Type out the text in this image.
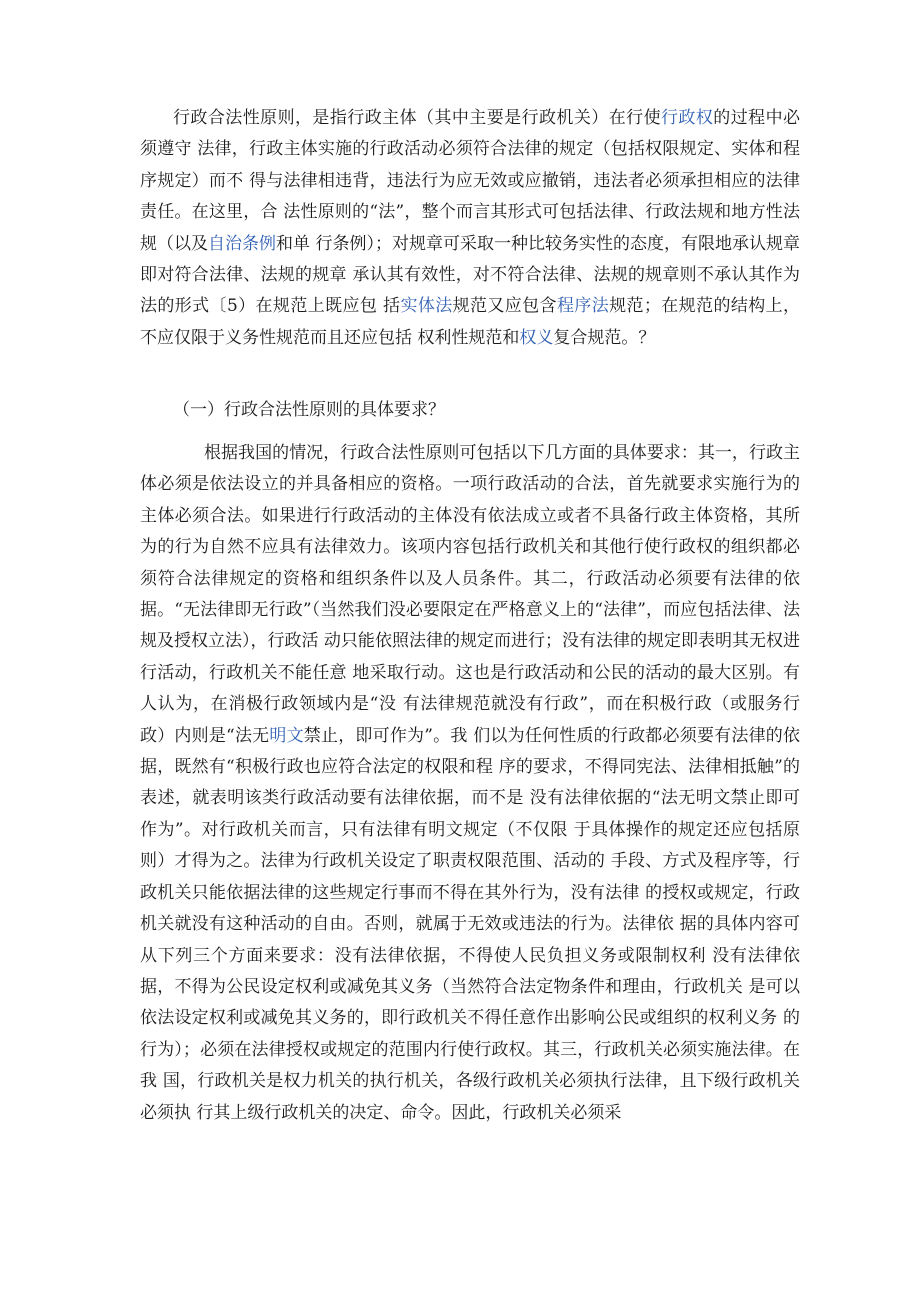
行政合法性原则，是指行政主体（其中主要是行政机关）在行使行政权的过程中必须遵守 法律，行政主体实施的行政活动必须符合法律的规定（包括权限规定、实体和程序规定）而不 得与法律相违背，违法行为应无效或应撤销，违法者必须承担相应的法律责任。在这里，合 法性原则的“法”，整个而言其形式可包括法律、行政法规和地方性法规（以及自治条例和单 行条例）；对规章可采取一种比较务实性的态度，有限地承认规章即对符合法律、法规的规章 承认其有效性，对不符合法律、法规的规章则不承认其作为法的形式〔5）在规范上既应包 括实体法规范又应包含程序法规范；在规范的结构上，不应仅限于义务性规范而且还应包括 权利性规范和权义复合规范。？

（一）行政合法性原则的具体要求？

根据我国的情况，行政合法性原则可包括以下几方面的具体要求：其一，行政主体必须是依法设立的并具备相应的资格。一项行政活动的合法，首先就要求实施行为的主体必须合法。如果进行行政活动的主体没有依法成立或者不具备行政主体资格，其所为的行为自然不应具有法律效力。该项内容包括行政机关和其他行使行政权的组织都必须符合法律规定的资格和组织条件以及人员条件。其二，行政活动必须要有法律的依据。“无法律即无行政”（当然我们没必要限定在严格意义上的“法律”，而应包括法律、法规及授权立法），行政活 动只能依照法律的规定而进行；没有法律的规定即表明其无权进行活动，行政机关不能任意 地采取行动。这也是行政活动和公民的活动的最大区别。有人认为，在消极行政领域内是“没 有法律规范就没有行政”，而在积极行政（或服务行政）内则是“法无明文禁止，即可作为”。我 们以为任何性质的行政都必须要有法律的依据，既然有“积极行政也应符合法定的权限和程 序的要求，不得同宪法、法律相抵触”的表述，就表明该类行政活动要有法律依据，而不是 没有法律依据的“法无明文禁止即可作为”。对行政机关而言，只有法律有明文规定（不仅限 于具体操作的规定还应包括原则）才得为之。法律为行政机关设定了职责权限范围、活动的 手段、方式及程序等，行政机关只能依据法律的这些规定行事而不得在其外行为，没有法律 的授权或规定，行政机关就没有这种活动的自由。否则，就属于无效或违法的行为。法律依 据的具体内容可从下列三个方面来要求：没有法律依据，不得使人民负担义务或限制权利 没有法律依据，不得为公民设定权利或减免其义务（当然符合法定物条件和理由，行政机关 是可以依法设定权利或减免其义务的，即行政机关不得任意作出影响公民或组织的权利义务 的行为）；必须在法律授权或规定的范围内行使行政权。其三，行政机关必须实施法律。在我 国，行政机关是权力机关的执行机关，各级行政机关必须执行法律，且下级行政机关必须执 行其上级行政机关的决定、命令。因此，行政机关必须采
